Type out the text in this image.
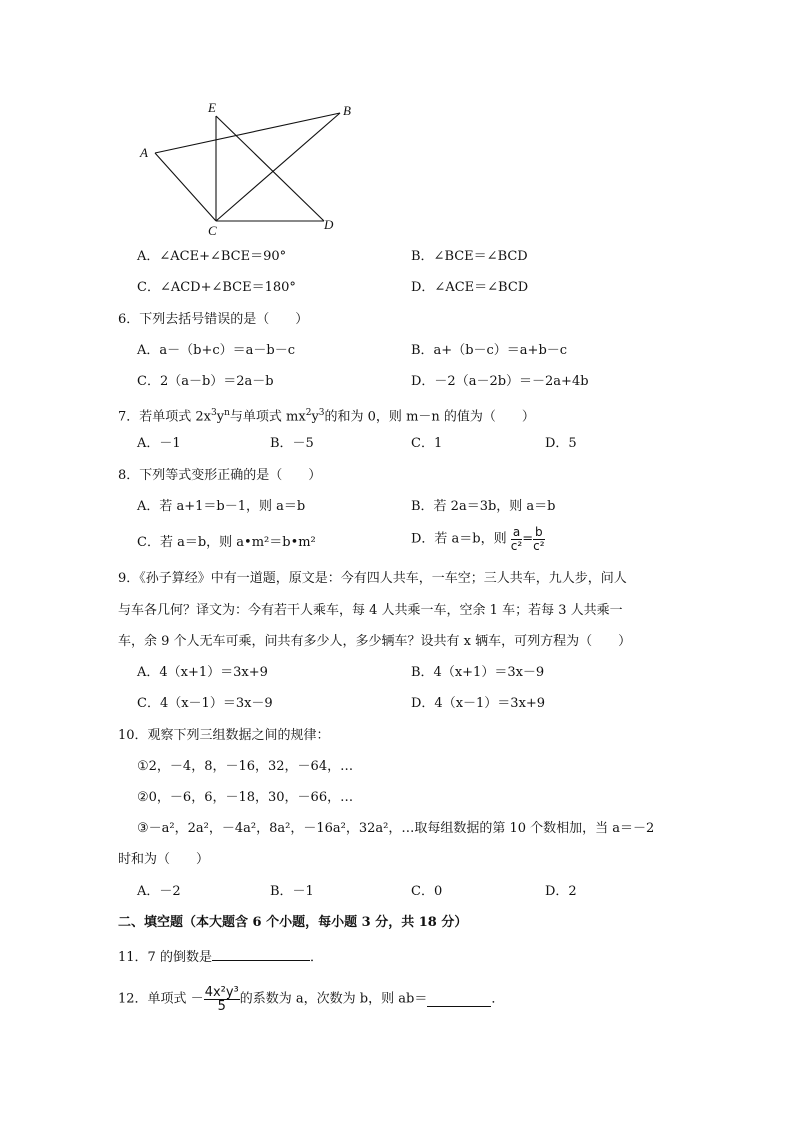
E	B
A
C	D
A．∠ACE+∠BCE＝90°	B．∠BCE＝∠BCD
C．∠ACD+∠BCE＝180°	D．∠ACE＝∠BCD
6．下列去括号错误的是（　　）
A．a－（b+c）＝a－b－c	B．a+（b－c）＝a+b－c
C．2（a－b）＝2a－b	D．－2（a－2b）＝－2a+4b
7．若单项式 $2x^3y^n$与单项式 $mx^2y^3$的和为 0，则 m－n 的值为（　　）
A．－1	B．－5	C．1	D．5
8．下列等式变形正确的是（　　）
A．若 a+1＝b－1，则 a＝b	B．若 2a＝3b，则 a＝b
C．若 a＝b，则 a•m²＝b•m²	D．若 a＝b，则 $\frac{a}{\text{c²}} = \frac{b}{\text{c²}}$
9．《孙子算经》中有一道题，原文是：今有四人共车，一车空；三人共车，九人步，问人
与车各几何？译文为：今有若干人乘车，每 4 人共乘一车，空余 1 车；若每 3 人共乘一
车，余 9 个人无车可乘，问共有多少人，多少辆车？设共有 x 辆车，可列方程为（　　）
A．4（x+1）＝3x+9	B．4（x+1）＝3x－9
C．4（x－1）＝3x－9	D．4（x－1）＝3x+9
10．观察下列三组数据之间的规律：
①2，－4，8，－16，32，－64，…
②0，－6，6，－18，30，－66，…
③－a²，2a²，－4a²，8a²，－16a²，32a²，…取每组数据的第 10 个数相加，当 a＝－2
时和为（　　）
A．－2	B．－1	C．0	D．2
二、填空题（本大题含 6 个小题，每小题 3 分，共 18 分）
11．7 的倒数是	．
12．单项式 － $\frac{\text{4x²y³}}{5}$ 的系数为 a，次数为 b，则 ab＝	．
